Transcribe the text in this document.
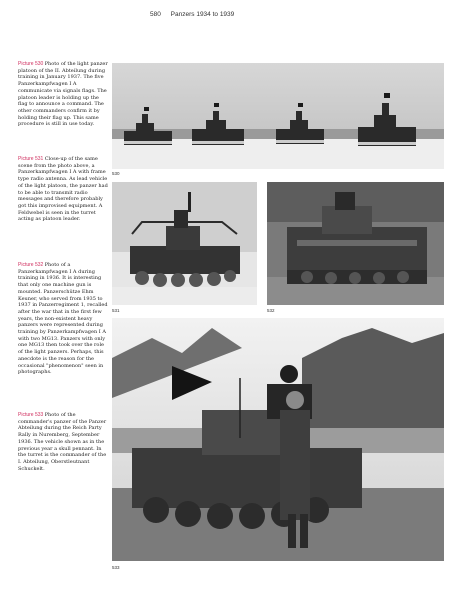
580 Panzers 1934 to 1939
Picture 530 Photo of the light panzer platoon of the II. Abteilung during training in January 1937. The five Panzerkampfwagen I A communicate via signals flags. The platoon leader is holding up the flag to announce a command. The other commanders confirm it by holding their flag up. This same procedure is still in use today.
Picture 531 Close-up of the same scene from the photo above, a Panzerkampfwagen I A with frame type radio antenna. As lead vehicle of the light platoon, the panzer had to be able to transmit radio messages and therefore probably got this improvised equipment. A Feldwebel is seen in the turret acting as platoon leader.
Picture 532 Photo of a Panzerkampfwagen I A during training in 1936. It is interesting that only one machine gun is mounted. Panzerschütze Ehm Keuner, who served from 1935 to 1937 in Panzerregiment 1, recalled after the war that in the first few years, the non-existent heavy panzers were represented during training by Panzerkampfwagen I A with two MG13. Panzers with only one MG13 then took over the role of the light panzers. Perhaps, this anecdote is the reason for the occasional "phenomenon" seen in photographs.
Picture 533 Photo of the commander's panzer of the Panzer Abteilung during the Reich Party Rally in Nuremberg, September 1936. The vehicle shown as in the previous year a skull pennant. In the turret is the commander of the I. Abteilung, Oberstleutnant Schuckelt.
530
531	532
533
